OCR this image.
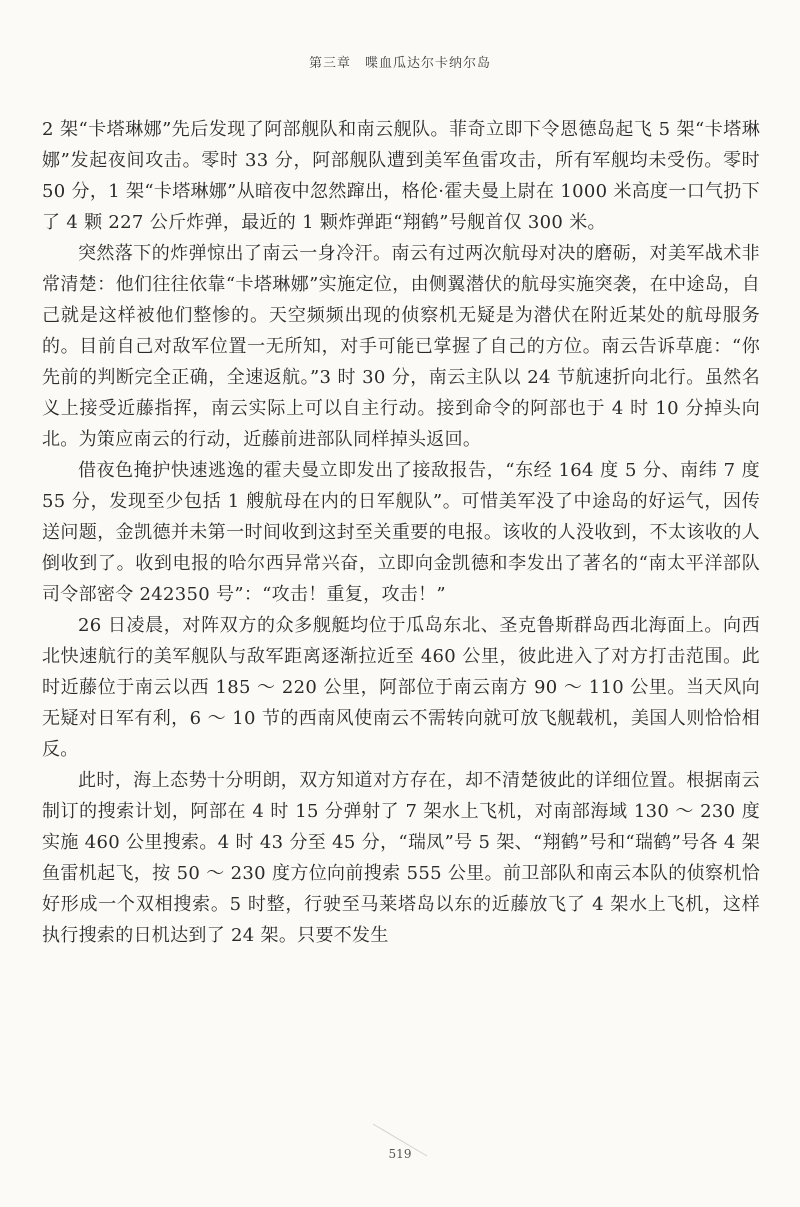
第三章　喋血瓜达尔卡纳尔岛

2 架“卡塔琳娜”先后发现了阿部舰队和南云舰队。菲奇立即下令恩德岛起飞 5 架“卡塔琳娜”发起夜间攻击。零时 33 分，阿部舰队遭到美军鱼雷攻击，所有军舰均未受伤。零时 50 分，1 架“卡塔琳娜”从暗夜中忽然蹿出，格伦·霍夫曼上尉在 1000 米高度一口气扔下了 4 颗 227 公斤炸弹，最近的 1 颗炸弹距“翔鹤”号舰首仅 300 米。

突然落下的炸弹惊出了南云一身冷汗。南云有过两次航母对决的磨砺，对美军战术非常清楚：他们往往依靠“卡塔琳娜”实施定位，由侧翼潜伏的航母实施突袭，在中途岛，自己就是这样被他们整惨的。天空频频出现的侦察机无疑是为潜伏在附近某处的航母服务的。目前自己对敌军位置一无所知，对手可能已掌握了自己的方位。南云告诉草鹿：“你先前的判断完全正确，全速返航。”3 时 30 分，南云主队以 24 节航速折向北行。虽然名义上接受近藤指挥，南云实际上可以自主行动。接到命令的阿部也于 4 时 10 分掉头向北。为策应南云的行动，近藤前进部队同样掉头返回。

借夜色掩护快速逃逸的霍夫曼立即发出了接敌报告，“东经 164 度 5 分、南纬 7 度 55 分，发现至少包括 1 艘航母在内的日军舰队”。可惜美军没了中途岛的好运气，因传送问题，金凯德并未第一时间收到这封至关重要的电报。该收的人没收到，不太该收的人倒收到了。收到电报的哈尔西异常兴奋，立即向金凯德和李发出了著名的“南太平洋部队司令部密令 242350 号”：“攻击！重复，攻击！”

26 日凌晨，对阵双方的众多舰艇均位于瓜岛东北、圣克鲁斯群岛西北海面上。向西北快速航行的美军舰队与敌军距离逐渐拉近至 460 公里，彼此进入了对方打击范围。此时近藤位于南云以西 185 ～ 220 公里，阿部位于南云南方 90 ～ 110 公里。当天风向无疑对日军有利，6 ～ 10 节的西南风使南云不需转向就可放飞舰载机，美国人则恰恰相反。

此时，海上态势十分明朗，双方知道对方存在，却不清楚彼此的详细位置。根据南云制订的搜索计划，阿部在 4 时 15 分弹射了 7 架水上飞机，对南部海域 130 ～ 230 度实施 460 公里搜索。4 时 43 分至 45 分，“瑞凤”号 5 架、“翔鹤”号和“瑞鹤”号各 4 架鱼雷机起飞，按 50 ～ 230 度方位向前搜索 555 公里。前卫部队和南云本队的侦察机恰好形成一个双相搜索。5 时整，行驶至马莱塔岛以东的近藤放飞了 4 架水上飞机，这样执行搜索的日机达到了 24 架。只要不发生

519
